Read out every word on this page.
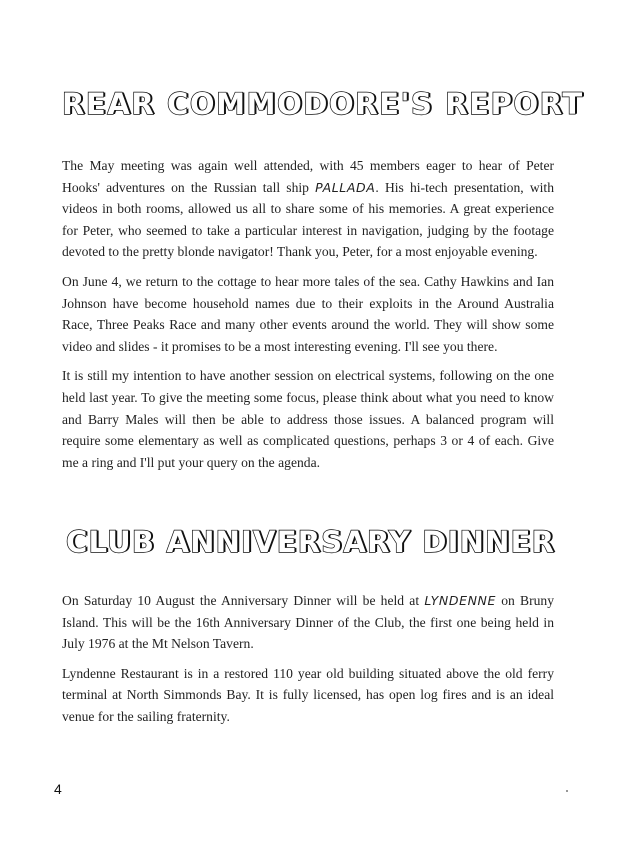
REAR COMMODORE'S REPORT

The May meeting was again well attended, with 45 members eager to hear of Peter Hooks' adventures on the Russian tall ship PALLADA. His hi-tech presentation, with videos in both rooms, allowed us all to share some of his memories. A great experience for Peter, who seemed to take a particular interest in navigation, judging by the footage devoted to the pretty blonde navigator! Thank you, Peter, for a most enjoyable evening.

On June 4, we return to the cottage to hear more tales of the sea. Cathy Hawkins and Ian Johnson have become household names due to their exploits in the Around Australia Race, Three Peaks Race and many other events around the world. They will show some video and slides - it promises to be a most interesting evening. I'll see you there.

It is still my intention to have another session on electrical systems, following on the one held last year. To give the meeting some focus, please think about what you need to know and Barry Males will then be able to address those issues. A balanced program will require some elementary as well as complicated questions, perhaps 3 or 4 of each. Give me a ring and I'll put your query on the agenda.

CLUB ANNIVERSARY DINNER

On Saturday 10 August the Anniversary Dinner will be held at LYNDENNE on Bruny Island. This will be the 16th Anniversary Dinner of the Club, the first one being held in July 1976 at the Mt Nelson Tavern.

Lyndenne Restaurant is in a restored 110 year old building situated above the old ferry terminal at North Simmonds Bay. It is fully licensed, has open log fires and is an ideal venue for the sailing fraternity.

4
